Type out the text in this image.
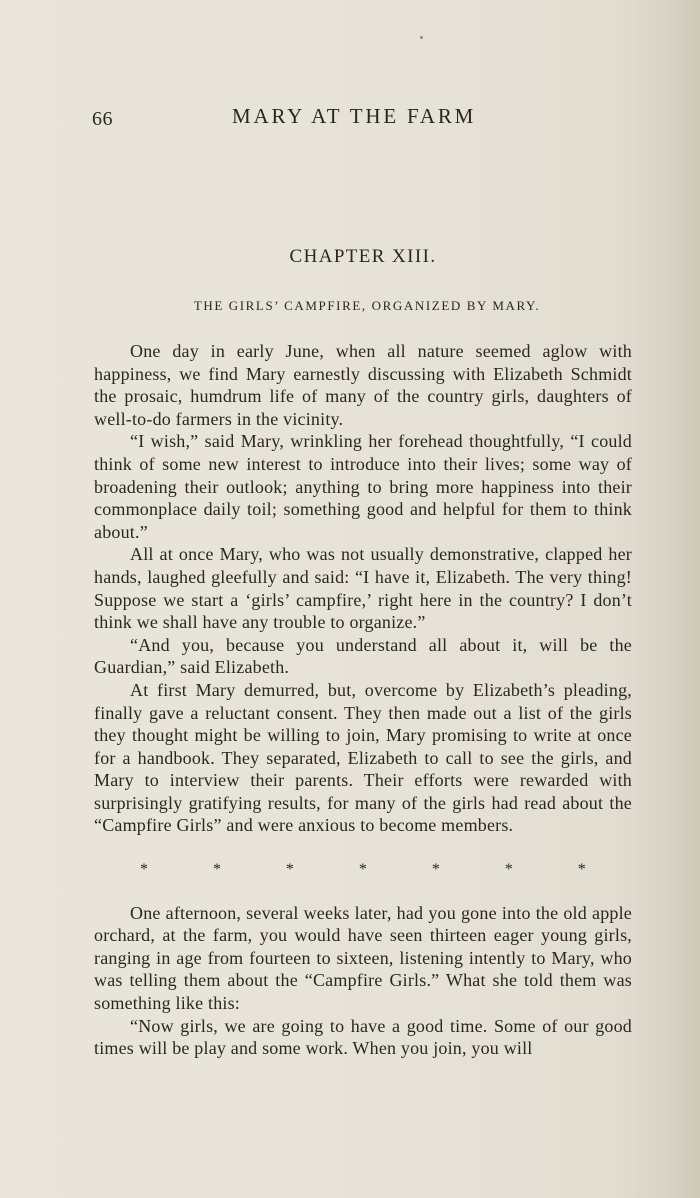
66	MARY AT THE FARM
CHAPTER XIII.
THE GIRLS’ CAMPFIRE, ORGANIZED BY MARY.

One day in early June, when all nature seemed aglow with happiness, we find Mary earnestly discussing with Elizabeth Schmidt the prosaic, humdrum life of many of the country girls, daughters of well-to-do farmers in the vicinity.

“I wish,” said Mary, wrinkling her forehead thoughtfully, “I could think of some new interest to introduce into their lives; some way of broadening their outlook; anything to bring more happiness into their commonplace daily toil; something good and helpful for them to think about.”

All at once Mary, who was not usually demonstrative, clapped her hands, laughed gleefully and said: “I have it, Elizabeth. The very thing! Suppose we start a ‘girls’ campfire,’ right here in the country? I don’t think we shall have any trouble to organize.”

“And you, because you understand all about it, will be the Guardian,” said Elizabeth.

At first Mary demurred, but, overcome by Elizabeth’s pleading, finally gave a reluctant consent. They then made out a list of the girls they thought might be willing to join, Mary promising to write at once for a handbook. They separated, Elizabeth to call to see the girls, and Mary to interview their parents. Their efforts were rewarded with surprisingly gratifying results, for many of the girls had read about the “Campfire Girls” and were anxious to become members.

*	*	*	*	*	*	*

One afternoon, several weeks later, had you gone into the old apple orchard, at the farm, you would have seen thirteen eager young girls, ranging in age from fourteen to sixteen, listening intently to Mary, who was telling them about the “Campfire Girls.” What she told them was something like this:

“Now girls, we are going to have a good time. Some of our good times will be play and some work. When you join, you will
